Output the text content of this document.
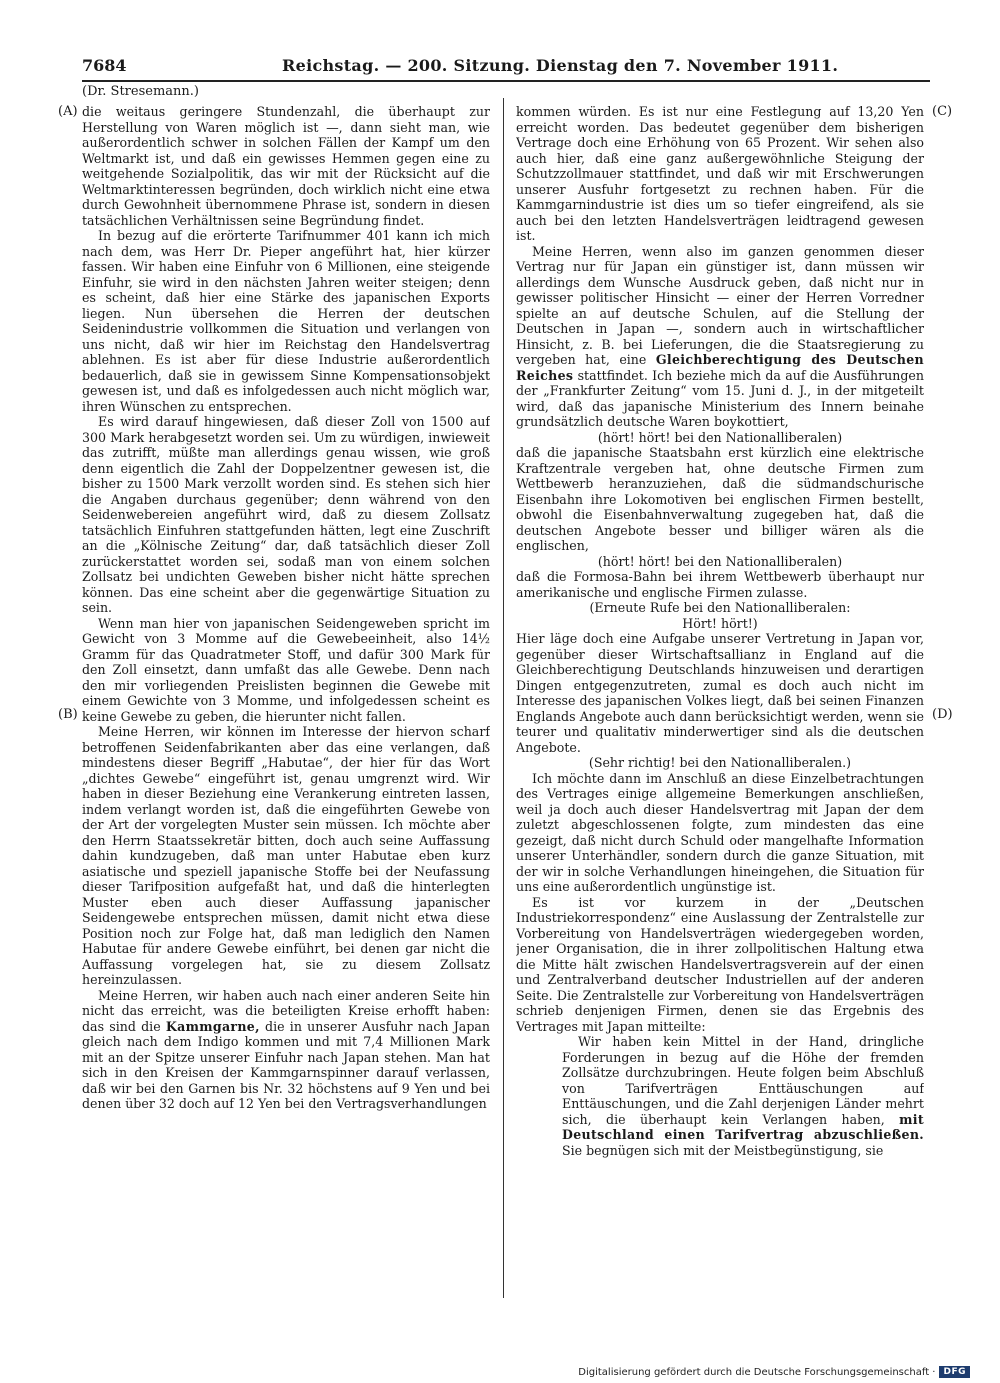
7684	Reichstag. — 200. Sitzung. Dienstag den 7. November 1911.
(Dr. Stresemann.)
(A)
(B)
(C)
(D)

die weitaus geringere Stundenzahl, die überhaupt zur Herstellung von Waren möglich ist —, dann sieht man, wie außerordentlich schwer in solchen Fällen der Kampf um den Weltmarkt ist, und daß ein gewisses Hemmen gegen eine zu weitgehende Sozialpolitik, das wir mit der Rücksicht auf die Weltmarktinteressen begründen, doch wirklich nicht eine etwa durch Gewohnheit übernommene Phrase ist, sondern in diesen tatsächlichen Verhältnissen seine Begründung findet.

In bezug auf die erörterte Tarifnummer 401 kann ich mich nach dem, was Herr Dr. Pieper angeführt hat, hier kürzer fassen. Wir haben eine Einfuhr von 6 Millionen, eine steigende Einfuhr, sie wird in den nächsten Jahren weiter steigen; denn es scheint, daß hier eine Stärke des japanischen Exports liegen. Nun übersehen die Herren der deutschen Seidenindustrie vollkommen die Situation und verlangen von uns nicht, daß wir hier im Reichstag den Handelsvertrag ablehnen. Es ist aber für diese Industrie außerordentlich bedauerlich, daß sie in gewissem Sinne Kompensationsobjekt gewesen ist, und daß es infolgedessen auch nicht möglich war, ihren Wünschen zu entsprechen.

Es wird darauf hingewiesen, daß dieser Zoll von 1500 auf 300 Mark herabgesetzt worden sei. Um zu würdigen, inwieweit das zutrifft, müßte man allerdings genau wissen, wie groß denn eigentlich die Zahl der Doppelzentner gewesen ist, die bisher zu 1500 Mark verzollt worden sind. Es stehen sich hier die Angaben durchaus gegenüber; denn während von den Seidenwebereien angeführt wird, daß zu diesem Zollsatz tatsächlich Einfuhren stattgefunden hätten, legt eine Zuschrift an die „Kölnische Zeitung“ dar, daß tatsächlich dieser Zoll zurückerstattet worden sei, sodaß man von einem solchen Zollsatz bei undichten Geweben bisher nicht hätte sprechen können. Das eine scheint aber die gegenwärtige Situation zu sein.

Wenn man hier von japanischen Seidengeweben spricht im Gewicht von 3 Momme auf die Gewebeeinheit, also 14½ Gramm für das Quadratmeter Stoff, und dafür 300 Mark für den Zoll einsetzt, dann umfaßt das alle Gewebe. Denn nach den mir vorliegenden Preislisten beginnen die Gewebe mit einem Gewichte von 3 Momme, und infolgedessen scheint es keine Gewebe zu geben, die hierunter nicht fallen.

Meine Herren, wir können im Interesse der hiervon scharf betroffenen Seidenfabrikanten aber das eine verlangen, daß mindestens dieser Begriff „Habutae“, der hier für das Wort „dichtes Gewebe“ eingeführt ist, genau umgrenzt wird. Wir haben in dieser Beziehung eine Verankerung eintreten lassen, indem verlangt worden ist, daß die eingeführten Gewebe von der Art der vorgelegten Muster sein müssen. Ich möchte aber den Herrn Staatssekretär bitten, doch auch seine Auffassung dahin kundzugeben, daß man unter Habutae eben kurz asiatische und speziell japanische Stoffe bei der Neufassung dieser Tarifposition aufgefaßt hat, und daß die hinterlegten Muster eben auch dieser Auffassung japanischer Seidengewebe entsprechen müssen, damit nicht etwa diese Position noch zur Folge hat, daß man lediglich den Namen Habutae für andere Gewebe einführt, bei denen gar nicht die Auffassung vorgelegen hat, sie zu diesem Zollsatz hereinzulassen.

Meine Herren, wir haben auch nach einer anderen Seite hin nicht das erreicht, was die beteiligten Kreise erhofft haben: das sind die Kammgarne, die in unserer Ausfuhr nach Japan gleich nach dem Indigo kommen und mit 7,4 Millionen Mark mit an der Spitze unserer Einfuhr nach Japan stehen. Man hat sich in den Kreisen der Kammgarnspinner darauf verlassen, daß wir bei den Garnen bis Nr. 32 höchstens auf 9 Yen und bei denen über 32 doch auf 12 Yen bei den Vertragsverhandlungen

kommen würden. Es ist nur eine Festlegung auf 13,20 Yen erreicht worden. Das bedeutet gegenüber dem bisherigen Vertrage doch eine Erhöhung von 65 Prozent. Wir sehen also auch hier, daß eine ganz außergewöhnliche Steigung der Schutzzollmauer stattfindet, und daß wir mit Erschwerungen unserer Ausfuhr fortgesetzt zu rechnen haben. Für die Kammgarnindustrie ist dies um so tiefer eingreifend, als sie auch bei den letzten Handelsverträgen leidtragend gewesen ist.

Meine Herren, wenn also im ganzen genommen dieser Vertrag nur für Japan ein günstiger ist, dann müssen wir allerdings dem Wunsche Ausdruck geben, daß nicht nur in gewisser politischer Hinsicht — einer der Herren Vorredner spielte an auf deutsche Schulen, auf die Stellung der Deutschen in Japan —, sondern auch in wirtschaftlicher Hinsicht, z. B. bei Lieferungen, die die Staatsregierung zu vergeben hat, eine Gleichberechtigung des Deutschen Reiches stattfindet. Ich beziehe mich da auf die Ausführungen der „Frankfurter Zeitung“ vom 15. Juni d. J., in der mitgeteilt wird, daß das japanische Ministerium des Innern beinahe grundsätzlich deutsche Waren boykottiert,

(hört! hört! bei den Nationalliberalen)

daß die japanische Staatsbahn erst kürzlich eine elektrische Kraftzentrale vergeben hat, ohne deutsche Firmen zum Wettbewerb heranzuziehen, daß die südmandschurische Eisenbahn ihre Lokomotiven bei englischen Firmen bestellt, obwohl die Eisenbahnverwaltung zugegeben hat, daß die deutschen Angebote besser und billiger wären als die englischen,

(hört! hört! bei den Nationalliberalen)

daß die Formosa-Bahn bei ihrem Wettbewerb überhaupt nur amerikanische und englische Firmen zulasse.

(Erneute Rufe bei den Nationalliberalen:

Hört! hört!)

Hier läge doch eine Aufgabe unserer Vertretung in Japan vor, gegenüber dieser Wirtschaftsallianz in England auf die Gleichberechtigung Deutschlands hinzuweisen und derartigen Dingen entgegenzutreten, zumal es doch auch nicht im Interesse des japanischen Volkes liegt, daß bei seinen Finanzen Englands Angebote auch dann berücksichtigt werden, wenn sie teurer und qualitativ minderwertiger sind als die deutschen Angebote.

(Sehr richtig! bei den Nationalliberalen.)

Ich möchte dann im Anschluß an diese Einzelbetrachtungen des Vertrages einige allgemeine Bemerkungen anschließen, weil ja doch auch dieser Handelsvertrag mit Japan der dem zuletzt abgeschlossenen folgte, zum mindesten das eine gezeigt, daß nicht durch Schuld oder mangelhafte Information unserer Unterhändler, sondern durch die ganze Situation, mit der wir in solche Verhandlungen hineingehen, die Situation für uns eine außerordentlich ungünstige ist.

Es ist vor kurzem in der „Deutschen Industriekorrespondenz“ eine Auslassung der Zentralstelle zur Vorbereitung von Handelsverträgen wiedergegeben worden, jener Organisation, die in ihrer zollpolitischen Haltung etwa die Mitte hält zwischen Handelsvertragsverein auf der einen und Zentralverband deutscher Industriellen auf der anderen Seite. Die Zentralstelle zur Vorbereitung von Handelsverträgen schrieb denjenigen Firmen, denen sie das Ergebnis des Vertrages mit Japan mitteilte:

Wir haben kein Mittel in der Hand, dringliche Forderungen in bezug auf die Höhe der fremden Zollsätze durchzubringen. Heute folgen beim Abschluß von Tarifverträgen Enttäuschungen auf Enttäuschungen, und die Zahl derjenigen Länder mehrt sich, die überhaupt kein Verlangen haben, mit Deutschland einen Tarifvertrag abzuschließen. Sie begnügen sich mit der Meistbegünstigung, sie

Digitalisierung gefördert durch die Deutsche Forschungsgemeinschaft · DFG
